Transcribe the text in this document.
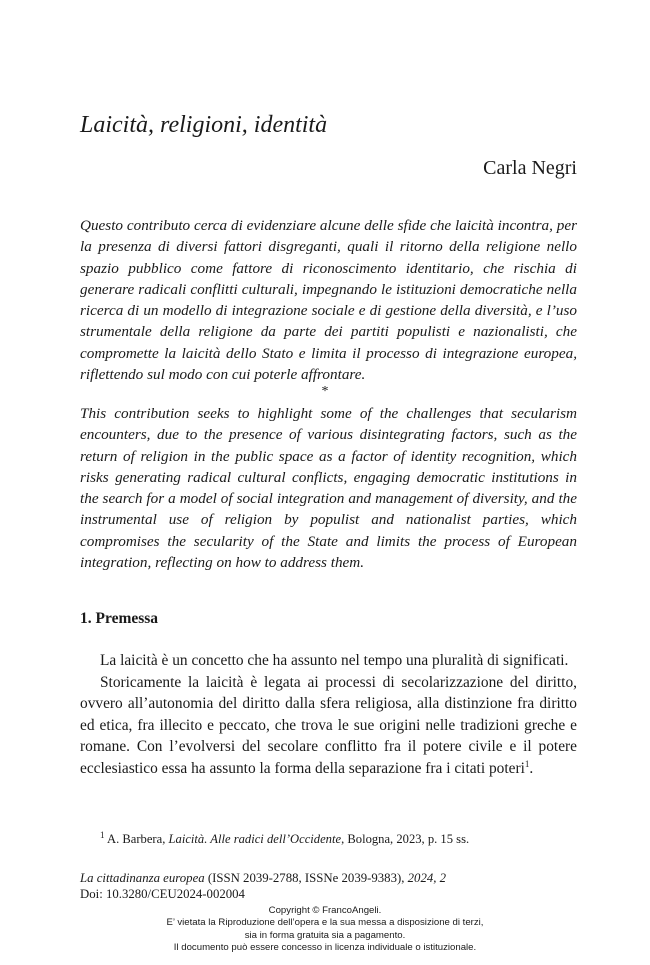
Laicità, religioni, identità
Carla Negri

Questo contributo cerca di evidenziare alcune delle sfide che laicità incontra, per la presenza di diversi fattori disgreganti, quali il ritorno della religione nello spazio pubblico come fattore di riconoscimento identitario, che rischia di generare radicali conflitti culturali, impegnando le istituzioni democratiche nella ricerca di un modello di integrazione sociale e di gestione della diversità, e l’uso strumentale della religione da parte dei partiti populisti e nazionalisti, che compromette la laicità dello Stato e limita il processo di integrazione europea, riflettendo sul modo con cui poterle affrontare.

*

This contribution seeks to highlight some of the challenges that secularism encounters, due to the presence of various disintegrating factors, such as the return of religion in the public space as a factor of identity recognition, which risks generating radical cultural conflicts, engaging democratic institutions in the search for a model of social integration and management of diversity, and the instrumental use of religion by populist and nationalist parties, which compromises the secularity of the State and limits the process of European integration, reflecting on how to address them.

1. Premessa

La laicità è un concetto che ha assunto nel tempo una pluralità di significati.

Storicamente la laicità è legata ai processi di secolarizzazione del diritto, ovvero all’autonomia del diritto dalla sfera religiosa, alla distinzione fra diritto ed etica, fra illecito e peccato, che trova le sue origini nelle tradizioni greche e romane. Con l’evolversi del secolare conflitto fra il potere civile e il potere ecclesiastico essa ha assunto la forma della separazione fra i citati poteri$^1$.

$^1$ A. Barbera, Laicità. Alle radici dell’Occidente, Bologna, 2023, p. 15 ss.
La cittadinanza europea (ISSN 2039-2788, ISSNe 2039-9383), 2024, 2
Doi: 10.3280/CEU2024-002004
Copyright © FrancoAngeli.
E’ vietata la Riproduzione dell’opera e la sua messa a disposizione di terzi,
sia in forma gratuita sia a pagamento.
Il documento può essere concesso in licenza individuale o istituzionale.
